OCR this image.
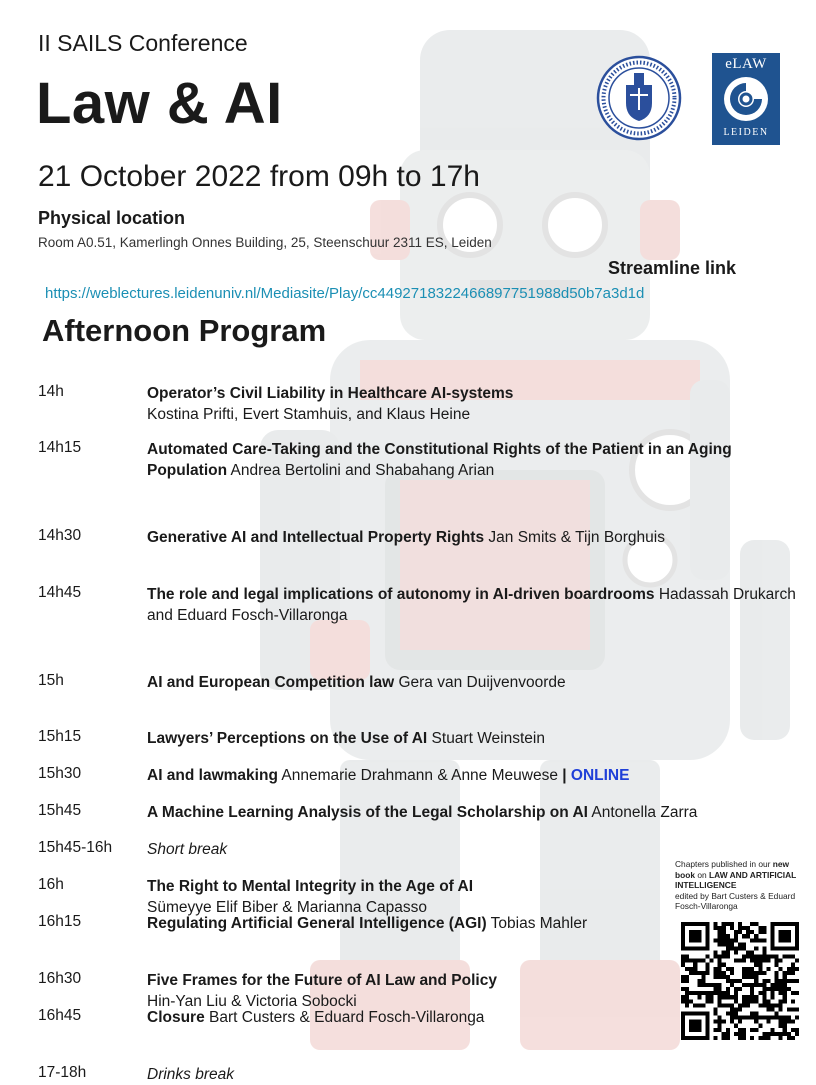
II SAILS Conference
Law & AI
21 October 2022 from 09h to 17h
Physical location
Room A0.51, Kamerlingh Onnes Building, 25, Steenschuur 2311 ES, Leiden
Streamline link
https://weblectures.leidenuniv.nl/Mediasite/Play/cc4492718322466897751988d50b7a3d1d
Afternoon Program
eLAW
LEIDEN
14h	Operator’s Civil Liability in Healthcare AI-systems
Kostina Prifti, Evert Stamhuis, and Klaus Heine
14h15	Automated Care-Taking and the Constitutional Rights of the Patient in an Aging Population Andrea Bertolini and Shabahang Arian
14h30	Generative AI and Intellectual Property Rights Jan Smits & Tijn Borghuis
14h45	The role and legal implications of autonomy in AI-driven boardrooms Hadassah Drukarch and Eduard Fosch-Villaronga
15h	AI and European Competition law Gera van Duijvenvoorde
15h15	Lawyers’ Perceptions on the Use of AI Stuart Weinstein
15h30	AI and lawmaking Annemarie Drahmann & Anne Meuwese | ONLINE
15h45	A Machine Learning Analysis of the Legal Scholarship on AI Antonella Zarra
15h45-16h	Short break
16h	The Right to Mental Integrity in the Age of AI
Sümeyye Elif Biber & Marianna Capasso
16h15	Regulating Artificial General Intelligence (AGI) Tobias Mahler
16h30	Five Frames for the Future of AI Law and Policy
Hin-Yan Liu & Victoria Sobocki
16h45	Closure Bart Custers & Eduard Fosch-Villaronga
17-18h	Drinks break
Chapters published in our new book on LAW AND ARTIFICIAL INTELLIGENCE
edited by Bart Custers & Eduard Fosch-Villaronga
